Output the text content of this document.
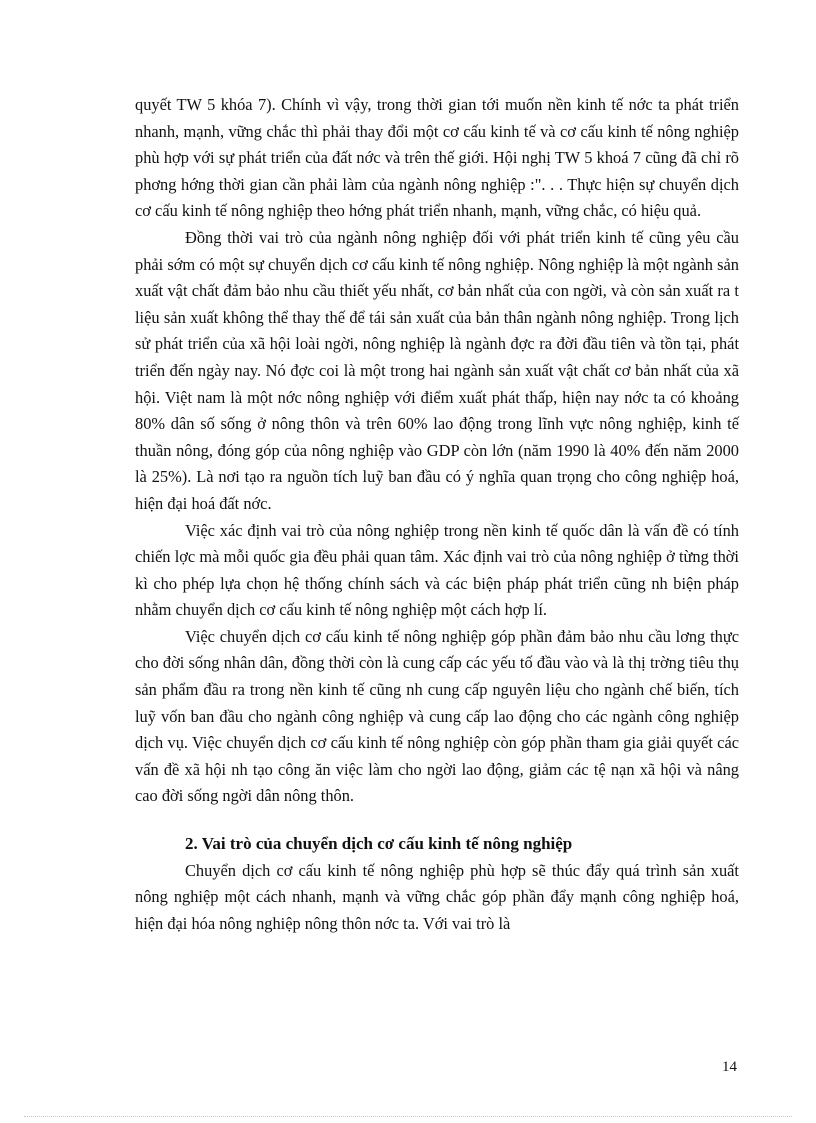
quyết TW 5 khóa 7). Chính vì vậy, trong thời gian tới muốn nền kinh tế nớc ta phát triển nhanh, mạnh, vững chắc thì phải thay đổi một cơ cấu kinh tế và cơ cấu kinh tế nông nghiệp phù hợp với sự phát triển của đất nớc và trên thế giới. Hội nghị TW 5 khoá 7 cũng đã chỉ rõ phơng hớng thời gian cần phải làm của ngành nông nghiệp :". . . Thực hiện sự chuyển dịch cơ cấu kinh tế nông nghiệp theo hớng phát triển nhanh, mạnh, vững chắc, có hiệu quả.

Đồng thời vai trò của ngành nông nghiệp đối với phát triển kinh tế cũng yêu cầu phải sớm có một sự chuyển dịch cơ cấu kinh tế nông nghiệp. Nông nghiệp là một ngành sản xuất vật chất đảm bảo nhu cầu thiết yếu nhất, cơ bản nhất của con ngời, và còn sản xuất ra t liệu sản xuất không thể thay thế để tái sản xuất của bản thân ngành nông nghiệp. Trong lịch sử phát triển của xã hội loài ngời, nông nghiệp là ngành đợc ra đời đầu tiên và tồn tại, phát triển đến ngày nay. Nó đợc coi là một trong hai ngành sản xuất vật chất cơ bản nhất của xã hội. Việt nam là một nớc nông nghiệp với điểm xuất phát thấp, hiện nay nớc ta có khoảng 80% dân số sống ở nông thôn và trên 60% lao động trong lĩnh vực nông nghiệp, kinh tế thuần nông, đóng góp của nông nghiệp vào GDP còn lớn (năm 1990 là 40% đến năm 2000 là 25%). Là nơi tạo ra nguồn tích luỹ ban đầu có ý nghĩa quan trọng cho công nghiệp hoá, hiện đại hoá đất nớc.

Việc xác định vai trò của nông nghiệp trong nền kinh tế quốc dân là vấn đề có tính chiến lợc mà mỗi quốc gia đều phải quan tâm. Xác định vai trò của nông nghiệp ở từng thời kì cho phép lựa chọn hệ thống chính sách và các biện pháp phát triển cũng nh biện pháp nhằm chuyển dịch cơ cấu kinh tế nông nghiệp một cách hợp lí.

Việc chuyển dịch cơ cấu kinh tế nông nghiệp góp phần đảm bảo nhu cầu lơng thực cho đời sống nhân dân, đồng thời còn là cung cấp các yếu tố đầu vào và là thị trờng tiêu thụ sản phẩm đầu ra trong nền kinh tế cũng nh cung cấp nguyên liệu cho ngành chế biến, tích luỹ vốn ban đầu cho ngành công nghiệp và cung cấp lao động cho các ngành công nghiệp dịch vụ. Việc chuyển dịch cơ cấu kinh tế nông nghiệp còn góp phần tham gia giải quyết các vấn đề xã hội nh tạo công ăn việc làm cho ngời lao động, giảm các tệ nạn xã hội và nâng cao đời sống ngời dân nông thôn.

2. Vai trò của chuyển dịch cơ cấu kinh tế nông nghiệp

Chuyển dịch cơ cấu kinh tế nông nghiệp phù hợp sẽ thúc đẩy quá trình sản xuất nông nghiệp một cách nhanh, mạnh và vững chắc góp phần đẩy mạnh công nghiệp hoá, hiện đại hóa nông nghiệp nông thôn nớc ta. Với vai trò là

14
